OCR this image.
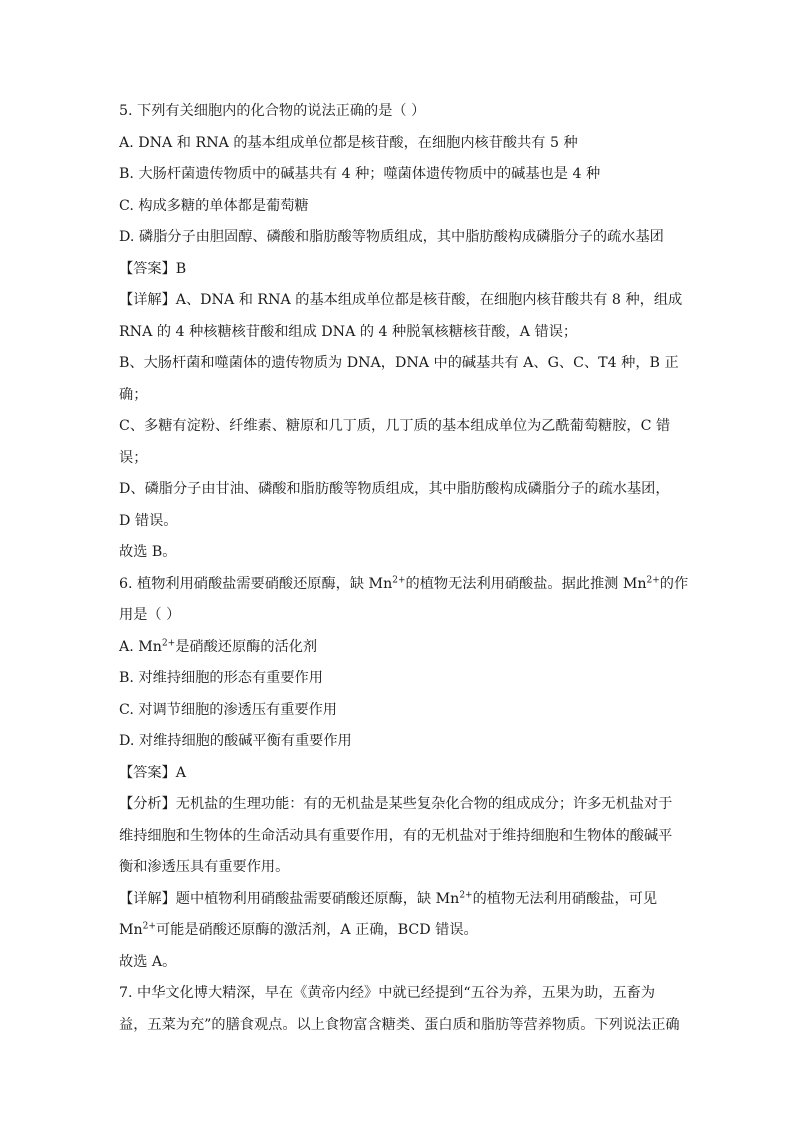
5. 下列有关细胞内的化合物的说法正确的是（ ）
A. DNA 和 RNA 的基本组成单位都是核苷酸，在细胞内核苷酸共有 5 种
B. 大肠杆菌遗传物质中的碱基共有 4 种；噬菌体遗传物质中的碱基也是 4 种
C. 构成多糖的单体都是葡萄糖
D. 磷脂分子由胆固醇、磷酸和脂肪酸等物质组成，其中脂肪酸构成磷脂分子的疏水基团
【答案】B
【详解】A、DNA 和 RNA 的基本组成单位都是核苷酸，在细胞内核苷酸共有 8 种，组成
RNA 的 4 种核糖核苷酸和组成 DNA 的 4 种脱氧核糖核苷酸，A 错误；
B、大肠杆菌和噬菌体的遗传物质为 DNA，DNA 中的碱基共有 A、G、C、T4 种，B 正
确；
C、多糖有淀粉、纤维素、糖原和几丁质，几丁质的基本组成单位为乙酰葡萄糖胺，C 错
误；
D、磷脂分子由甘油、磷酸和脂肪酸等物质组成，其中脂肪酸构成磷脂分子的疏水基团，
D 错误。
故选 B。
6. 植物利用硝酸盐需要硝酸还原酶，缺 $Mn^{2+}$的植物无法利用硝酸盐。据此推测 $Mn^{2+}$的作
用是（ ）
A. $Mn^{2+}$是硝酸还原酶的活化剂
B. 对维持细胞的形态有重要作用
C. 对调节细胞的渗透压有重要作用
D. 对维持细胞的酸碱平衡有重要作用
【答案】A
【分析】无机盐的生理功能：有的无机盐是某些复杂化合物的组成成分；许多无机盐对于
维持细胞和生物体的生命活动具有重要作用，有的无机盐对于维持细胞和生物体的酸碱平
衡和渗透压具有重要作用。
【详解】题中植物利用硝酸盐需要硝酸还原酶，缺 $Mn^{2+}$的植物无法利用硝酸盐，可见
$Mn^{2+}$可能是硝酸还原酶的激活剂，A 正确，BCD 错误。
故选 A。
7. 中华文化博大精深，早在《黄帝内经》中就已经提到“五谷为养，五果为助，五畜为
益，五菜为充”的膳食观点。以上食物富含糖类、蛋白质和脂肪等营养物质。下列说法正确
